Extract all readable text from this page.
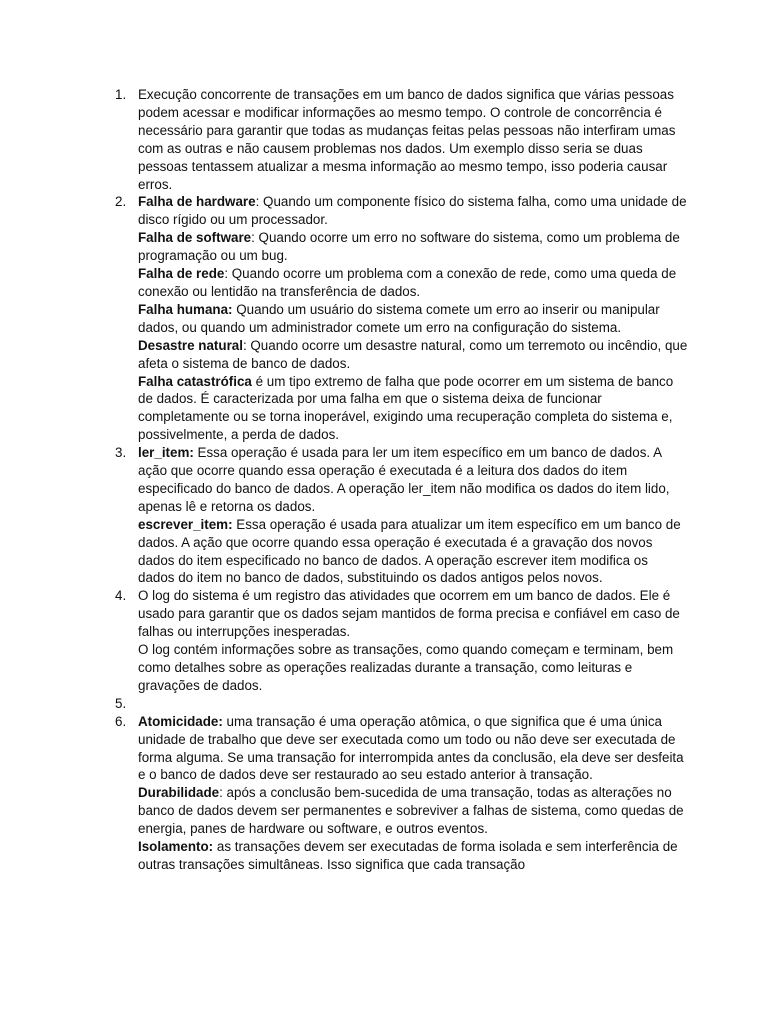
1. Execução concorrente de transações em um banco de dados significa que várias pessoas podem acessar e modificar informações ao mesmo tempo. O controle de concorrência é necessário para garantir que todas as mudanças feitas pelas pessoas não interfiram umas com as outras e não causem problemas nos dados. Um exemplo disso seria se duas pessoas tentassem atualizar a mesma informação ao mesmo tempo, isso poderia causar erros.

2. Falha de hardware: Quando um componente físico do sistema falha, como uma unidade de disco rígido ou um processador.

Falha de software: Quando ocorre um erro no software do sistema, como um problema de programação ou um bug.

Falha de rede: Quando ocorre um problema com a conexão de rede, como uma queda de conexão ou lentidão na transferência de dados.

Falha humana: Quando um usuário do sistema comete um erro ao inserir ou manipular dados, ou quando um administrador comete um erro na configuração do sistema.

Desastre natural: Quando ocorre um desastre natural, como um terremoto ou incêndio, que afeta o sistema de banco de dados.

Falha catastrófica é um tipo extremo de falha que pode ocorrer em um sistema de banco de dados. É caracterizada por uma falha em que o sistema deixa de funcionar completamente ou se torna inoperável, exigindo uma recuperação completa do sistema e, possivelmente, a perda de dados.

3. ler_item: Essa operação é usada para ler um item específico em um banco de dados. A ação que ocorre quando essa operação é executada é a leitura dos dados do item especificado do banco de dados. A operação ler_item não modifica os dados do item lido, apenas lê e retorna os dados.

escrever_item: Essa operação é usada para atualizar um item específico em um banco de dados. A ação que ocorre quando essa operação é executada é a gravação dos novos dados do item especificado no banco de dados. A operação escrever item modifica os dados do item no banco de dados, substituindo os dados antigos pelos novos.

4. O log do sistema é um registro das atividades que ocorrem em um banco de dados. Ele é usado para garantir que os dados sejam mantidos de forma precisa e confiável em caso de falhas ou interrupções inesperadas.

O log contém informações sobre as transações, como quando começam e terminam, bem como detalhes sobre as operações realizadas durante a transação, como leituras e gravações de dados.

5.
6. Atomicidade: uma transação é uma operação atômica, o que significa que é uma única unidade de trabalho que deve ser executada como um todo ou não deve ser executada de forma alguma. Se uma transação for interrompida antes da conclusão, ela deve ser desfeita e o banco de dados deve ser restaurado ao seu estado anterior à transação.

Durabilidade: após a conclusão bem-sucedida de uma transação, todas as alterações no banco de dados devem ser permanentes e sobreviver a falhas de sistema, como quedas de energia, panes de hardware ou software, e outros eventos.

Isolamento: as transações devem ser executadas de forma isolada e sem interferência de outras transações simultâneas. Isso significa que cada transação
